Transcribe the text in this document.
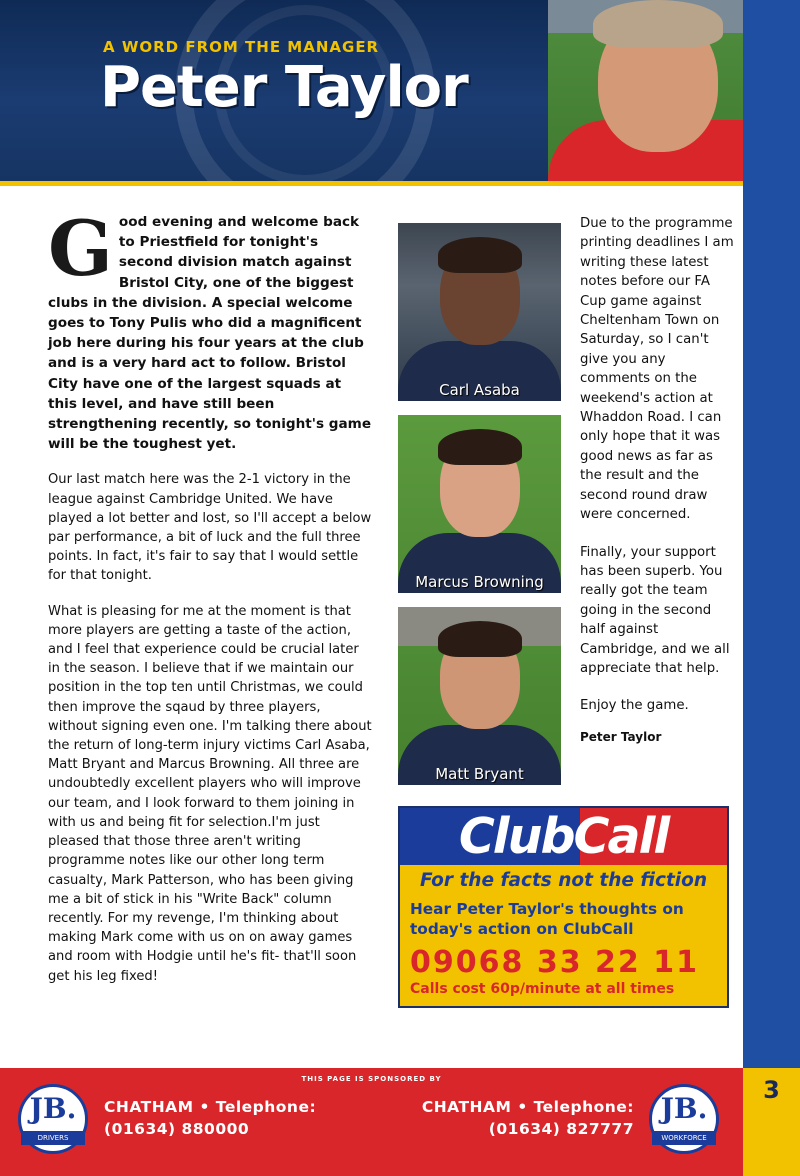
A WORD FROM THE MANAGER
Peter Taylor
3
G ood evening and welcome back to Priestfield for tonight's second division match against Bristol City, one of the biggest clubs in the division. A special welcome goes to Tony Pulis who did a magnificent job here during his four years at the club and is a very hard act to follow. Bristol City have one of the largest squads at this level, and have still been strengthening recently, so tonight's game will be the toughest yet.

Our last match here was the 2-1 victory in the league against Cambridge United. We have played a lot better and lost, so I'll accept a below par performance, a bit of luck and the full three points. In fact, it's fair to say that I would settle for that tonight.

What is pleasing for me at the moment is that more players are getting a taste of the action, and I feel that experience could be crucial later in the season. I believe that if we maintain our position in the top ten until Christmas, we could then improve the sqaud by three players, without signing even one. I'm talking there about the return of long-term injury victims Carl Asaba, Matt Bryant and Marcus Browning. All three are undoubtedly excellent players who will improve our team, and I look forward to them joining in with us and being fit for selection.I'm just pleased that those three aren't writing programme notes like our other long term casualty, Mark Patterson, who has been giving me a bit of stick in his "Write Back" column recently. For my revenge, I'm thinking about making Mark come with us on on away games and room with Hodgie until he's fit- that'll soon get his leg fixed!

Carl Asaba
Marcus Browning
Matt Bryant

Due to the programme printing deadlines I am writing these latest notes before our FA Cup game against Cheltenham Town on Saturday, so I can't give you any comments on the weekend's action at Whaddon Road. I can only hope that it was good news as far as the result and the second round draw were concerned.

Finally, your support has been superb. You really got the team going in the second half against Cambridge, and we all appreciate that help.

Enjoy the game.

Peter Taylor

ClubCall
For the facts not the fiction
Hear Peter Taylor's thoughts on today's action on ClubCall
09068 33 22 11
Calls cost 60p/minute at all times
THIS PAGE IS SPONSORED BY
JB.
DRIVERS
CHATHAM • Telephone:
(01634) 880000
CHATHAM • Telephone:
(01634) 827777
JB.
WORKFORCE
